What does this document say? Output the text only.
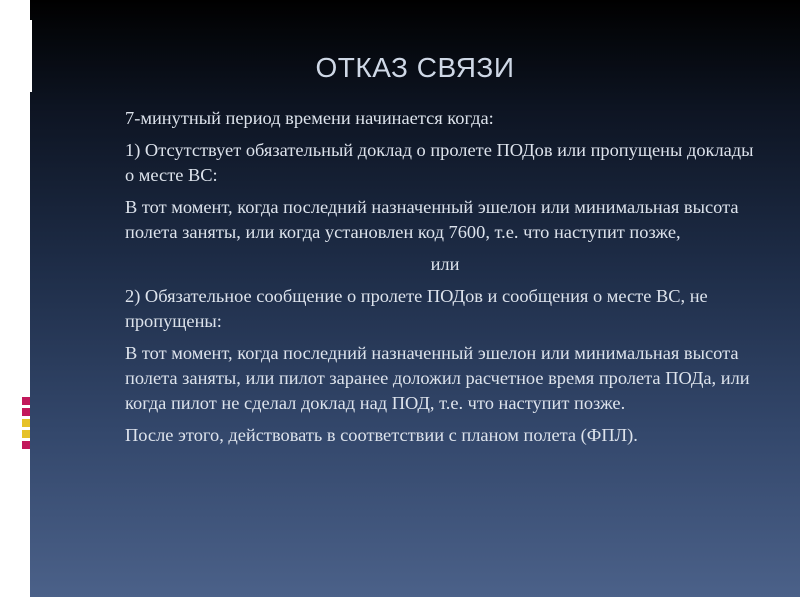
ОТКАЗ СВЯЗИ

7-минутный период времени начинается когда:

1) Отсутствует обязательный доклад о пролете ПОДов или пропущены доклады о месте ВС:

В тот момент, когда последний назначенный эшелон или минимальная высота полета заняты, или когда установлен код 7600, т.е. что наступит позже,

или

2) Обязательное сообщение о пролете ПОДов и сообщения о месте ВС, не пропущены:

В тот момент, когда последний назначенный эшелон или минимальная высота полета заняты, или пилот заранее доложил расчетное время пролета ПОДа, или когда пилот не сделал доклад над ПОД, т.е. что наступит позже.

После этого, действовать в соответствии с планом полета (ФПЛ).
